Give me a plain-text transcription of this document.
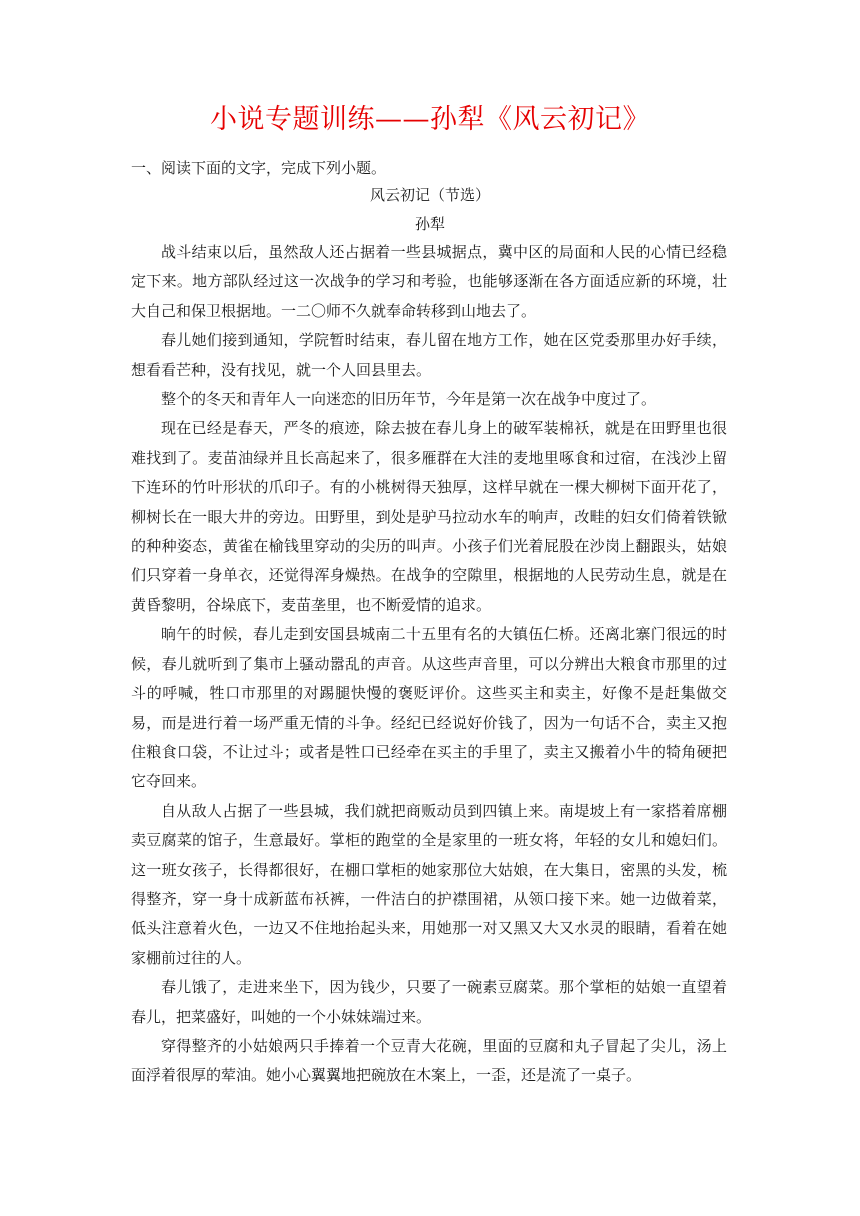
小说专题训练——孙犁《风云初记》
一、阅读下面的文字，完成下列小题。
风云初记（节选）
孙犁

战斗结束以后，虽然敌人还占据着一些县城据点，冀中区的局面和人民的心情已经稳定下来。地方部队经过这一次战争的学习和考验，也能够逐渐在各方面适应新的环境，壮大自己和保卫根据地。一二〇师不久就奉命转移到山地去了。

春儿她们接到通知，学院暂时结束，春儿留在地方工作，她在区党委那里办好手续，想看看芒种，没有找见，就一个人回县里去。

整个的冬天和青年人一向迷恋的旧历年节，今年是第一次在战争中度过了。

现在已经是春天，严冬的痕迹，除去披在春儿身上的破军装棉袄，就是在田野里也很难找到了。麦苗油绿并且长高起来了，很多雁群在大洼的麦地里啄食和过宿，在浅沙上留下连环的竹叶形状的爪印子。有的小桃树得天独厚，这样早就在一棵大柳树下面开花了，柳树长在一眼大井的旁边。田野里，到处是驴马拉动水车的响声，改畦的妇女们倚着铁锨的种种姿态，黄雀在榆钱里穿动的尖历的叫声。小孩子们光着屁股在沙岗上翻跟头，姑娘们只穿着一身单衣，还觉得浑身燥热。在战争的空隙里，根据地的人民劳动生息，就是在黄昏黎明，谷垛底下，麦苗垄里，也不断爱情的追求。

晌午的时候，春儿走到安国县城南二十五里有名的大镇伍仁桥。还离北寨门很远的时候，春儿就听到了集市上骚动嚣乱的声音。从这些声音里，可以分辨出大粮食市那里的过斗的呼喊，牲口市那里的对踢腿快慢的褒贬评价。这些买主和卖主，好像不是赶集做交易，而是进行着一场严重无情的斗争。经纪已经说好价钱了，因为一句话不合，卖主又抱住粮食口袋，不让过斗；或者是牲口已经牵在买主的手里了，卖主又搬着小牛的犄角硬把它夺回来。

自从敌人占据了一些县城，我们就把商贩动员到四镇上来。南堤坡上有一家搭着席棚卖豆腐菜的馆子，生意最好。掌柜的跑堂的全是家里的一班女将，年轻的女儿和媳妇们。这一班女孩子，长得都很好，在棚口掌柜的她家那位大姑娘，在大集日，密黑的头发，梳得整齐，穿一身十成新蓝布袄裤，一件洁白的护襟围裙，从领口接下来。她一边做着菜，低头注意着火色，一边又不住地抬起头来，用她那一对又黑又大又水灵的眼睛，看着在她家棚前过往的人。

春儿饿了，走进来坐下，因为钱少，只要了一碗素豆腐菜。那个掌柜的姑娘一直望着春儿，把菜盛好，叫她的一个小妹妹端过来。

穿得整齐的小姑娘两只手捧着一个豆青大花碗，里面的豆腐和丸子冒起了尖儿，汤上面浮着很厚的荤油。她小心翼翼地把碗放在木案上，一歪，还是流了一桌子。
